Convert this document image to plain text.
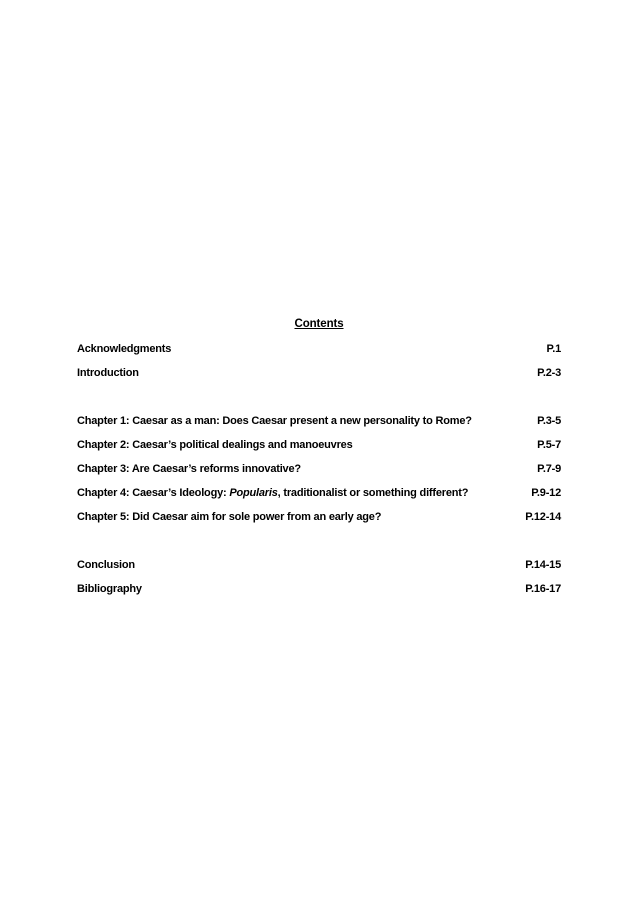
Contents
Acknowledgments	P.1
Introduction	P.2-3
Chapter 1: Caesar as a man: Does Caesar present a new personality to Rome?	P.3-5
Chapter 2: Caesar’s political dealings and manoeuvres	P.5-7
Chapter 3: Are Caesar’s reforms innovative?	P.7-9
Chapter 4: Caesar’s Ideology: Popularis, traditionalist or something different?	P.9-12
Chapter 5: Did Caesar aim for sole power from an early age?	P.12-14
Conclusion	P.14-15
Bibliography	P.16-17
